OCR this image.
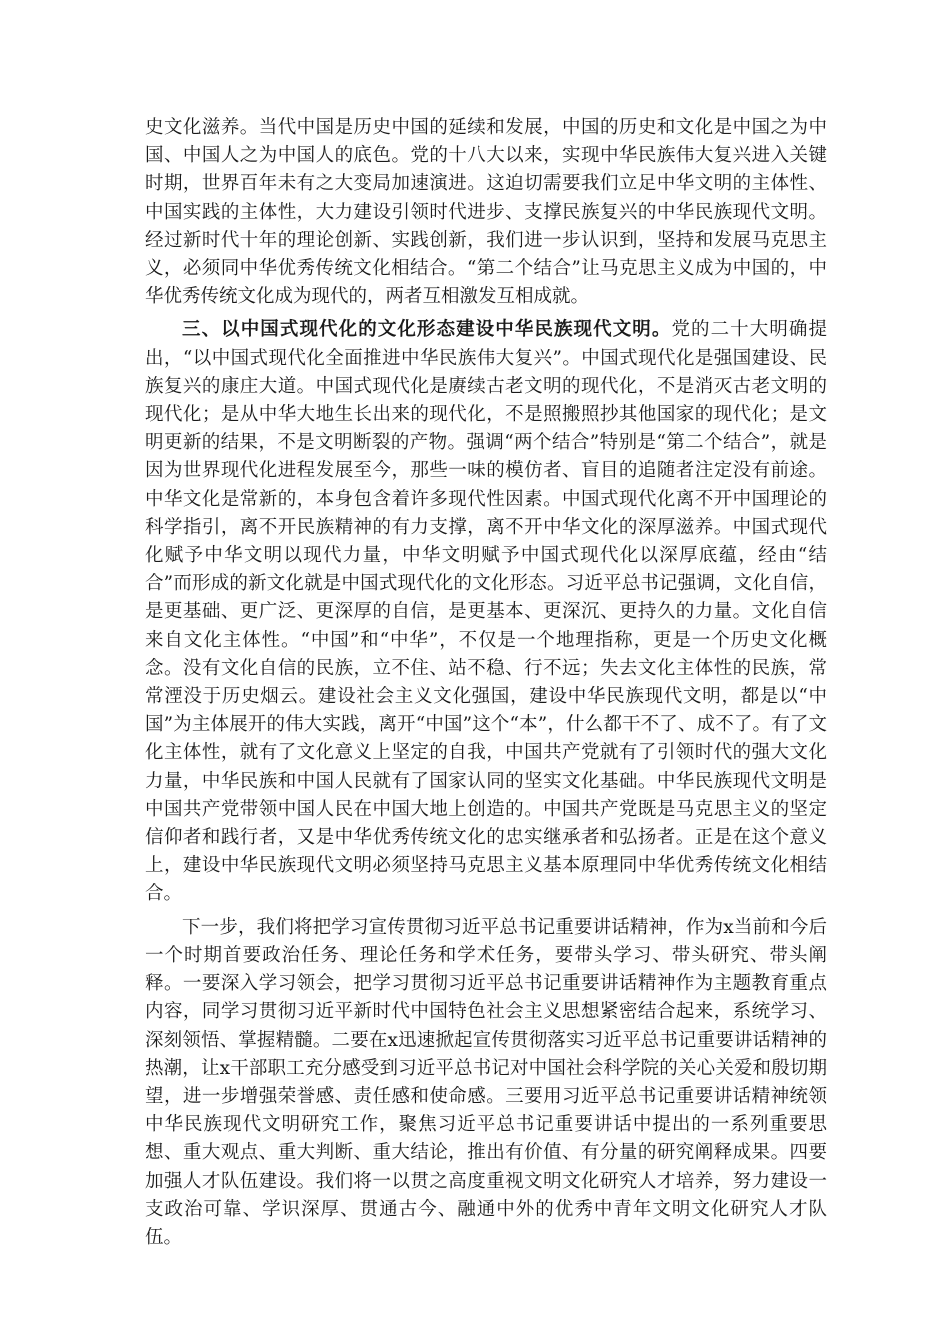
史文化滋养。当代中国是历史中国的延续和发展，中国的历史和文化是中国之为中国、中国人之为中国人的底色。党的十八大以来，实现中华民族伟大复兴进入关键时期，世界百年未有之大变局加速演进。这迫切需要我们立足中华文明的主体性、中国实践的主体性，大力建设引领时代进步、支撑民族复兴的中华民族现代文明。经过新时代十年的理论创新、实践创新，我们进一步认识到，坚持和发展马克思主义，必须同中华优秀传统文化相结合。“第二个结合”让马克思主义成为中国的，中华优秀传统文化成为现代的，两者互相激发互相成就。

三、以中国式现代化的文化形态建设中华民族现代文明。党的二十大明确提出，“以中国式现代化全面推进中华民族伟大复兴”。中国式现代化是强国建设、民族复兴的康庄大道。中国式现代化是赓续古老文明的现代化，不是消灭古老文明的现代化；是从中华大地生长出来的现代化，不是照搬照抄其他国家的现代化；是文明更新的结果，不是文明断裂的产物。强调“两个结合”特别是“第二个结合”，就是因为世界现代化进程发展至今，那些一味的模仿者、盲目的追随者注定没有前途。中华文化是常新的，本身包含着许多现代性因素。中国式现代化离不开中国理论的科学指引，离不开民族精神的有力支撑，离不开中华文化的深厚滋养。中国式现代化赋予中华文明以现代力量，中华文明赋予中国式现代化以深厚底蕴，经由“结合”而形成的新文化就是中国式现代化的文化形态。习近平总书记强调，文化自信，是更基础、更广泛、更深厚的自信，是更基本、更深沉、更持久的力量。文化自信来自文化主体性。“中国”和“中华”，不仅是一个地理指称，更是一个历史文化概念。没有文化自信的民族，立不住、站不稳、行不远；失去文化主体性的民族，常常湮没于历史烟云。建设社会主义文化强国，建设中华民族现代文明，都是以“中国”为主体展开的伟大实践，离开“中国”这个“本”，什么都干不了、成不了。有了文化主体性，就有了文化意义上坚定的自我，中国共产党就有了引领时代的强大文化力量，中华民族和中国人民就有了国家认同的坚实文化基础。中华民族现代文明是中国共产党带领中国人民在中国大地上创造的。中国共产党既是马克思主义的坚定信仰者和践行者，又是中华优秀传统文化的忠实继承者和弘扬者。正是在这个意义上，建设中华民族现代文明必须坚持马克思主义基本原理同中华优秀传统文化相结合。

下一步，我们将把学习宣传贯彻习近平总书记重要讲话精神，作为x当前和今后一个时期首要政治任务、理论任务和学术任务，要带头学习、带头研究、带头阐释。一要深入学习领会，把学习贯彻习近平总书记重要讲话精神作为主题教育重点内容，同学习贯彻习近平新时代中国特色社会主义思想紧密结合起来，系统学习、深刻领悟、掌握精髓。二要在x迅速掀起宣传贯彻落实习近平总书记重要讲话精神的热潮，让x干部职工充分感受到习近平总书记对中国社会科学院的关心关爱和殷切期望，进一步增强荣誉感、责任感和使命感。三要用习近平总书记重要讲话精神统领中华民族现代文明研究工作，聚焦习近平总书记重要讲话中提出的一系列重要思想、重大观点、重大判断、重大结论，推出有价值、有分量的研究阐释成果。四要加强人才队伍建设。我们将一以贯之高度重视文明文化研究人才培养，努力建设一支政治可靠、学识深厚、贯通古今、融通中外的优秀中青年文明文化研究人才队伍。
